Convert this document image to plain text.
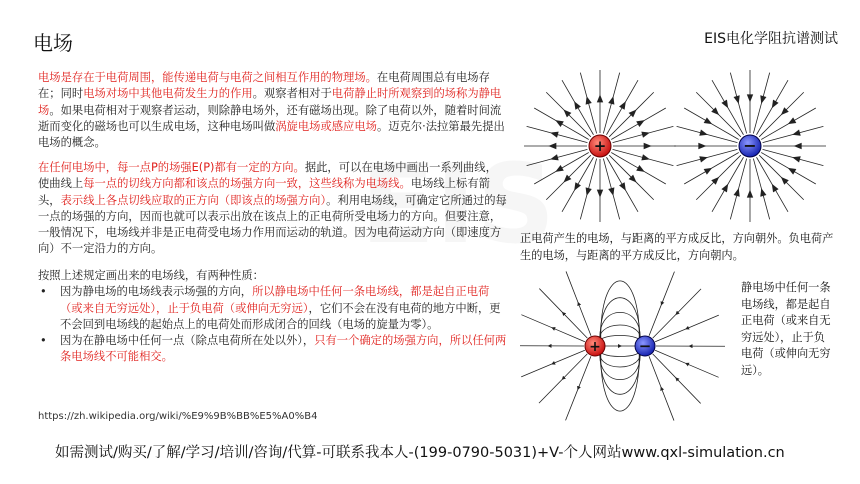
电场	EIS电化学阻抗谱测试

电场是存在于电荷周围，能传递电荷与电荷之间相互作用的物理场。在电荷周围总有电场存在；同时电场对场中其他电荷发生力的作用。观察者相对于电荷静止时所观察到的场称为静电场。如果电荷相对于观察者运动，则除静电场外，还有磁场出现。除了电荷以外，随着时间流逝而变化的磁场也可以生成电场，这种电场叫做涡旋电场或感应电场。迈克尔·法拉第最先提出电场的概念。

在任何电场中，每一点P的场强E(P)都有一定的方向。据此，可以在电场中画出一系列曲线，使曲线上每一点的切线方向都和该点的场强方向一致，这些线称为电场线。电场线上标有箭头，表示线上各点切线应取的正方向（即该点的场强方向）。利用电场线，可确定它所通过的每一点的场强的方向，因而也就可以表示出放在该点上的正电荷所受电场力的方向。但要注意，一般情况下，电场线并非是正电荷受电场力作用而运动的轨道。因为电荷运动方向（即速度方向）不一定沿力的方向。

按照上述规定画出来的电场线，有两种性质：

• 因为静电场的电场线表示场强的方向，所以静电场中任何一条电场线，都是起自正电荷（或来自无穷远处），止于负电荷（或伸向无穷远），它们不会在没有电荷的地方中断，更不会回到电场线的起始点上的电荷处而形成闭合的回线（电场的旋量为零）。
• 因为在静电场中任何一点（除点电荷所在处以外），只有一个确定的场强方向，所以任何两条电场线不可能相交。
https://zh.wikipedia.org/wiki/%E9%9B%BB%E5%A0%B4
如需测试/购买/了解/学习/培训/咨询/代算-可联系我本人-(199-0790-5031)+V-个人网站www.qxl-simulation.cn
+	−
+	−
正电荷产生的电场，与距离的平方成反比，方向朝外。负电荷产生的电场，与距离的平方成反比，方向朝内。
静电场中任何一条电场线，都是起自正电荷（或来自无穷远处），止于负电荷（或伸向无穷远）。
